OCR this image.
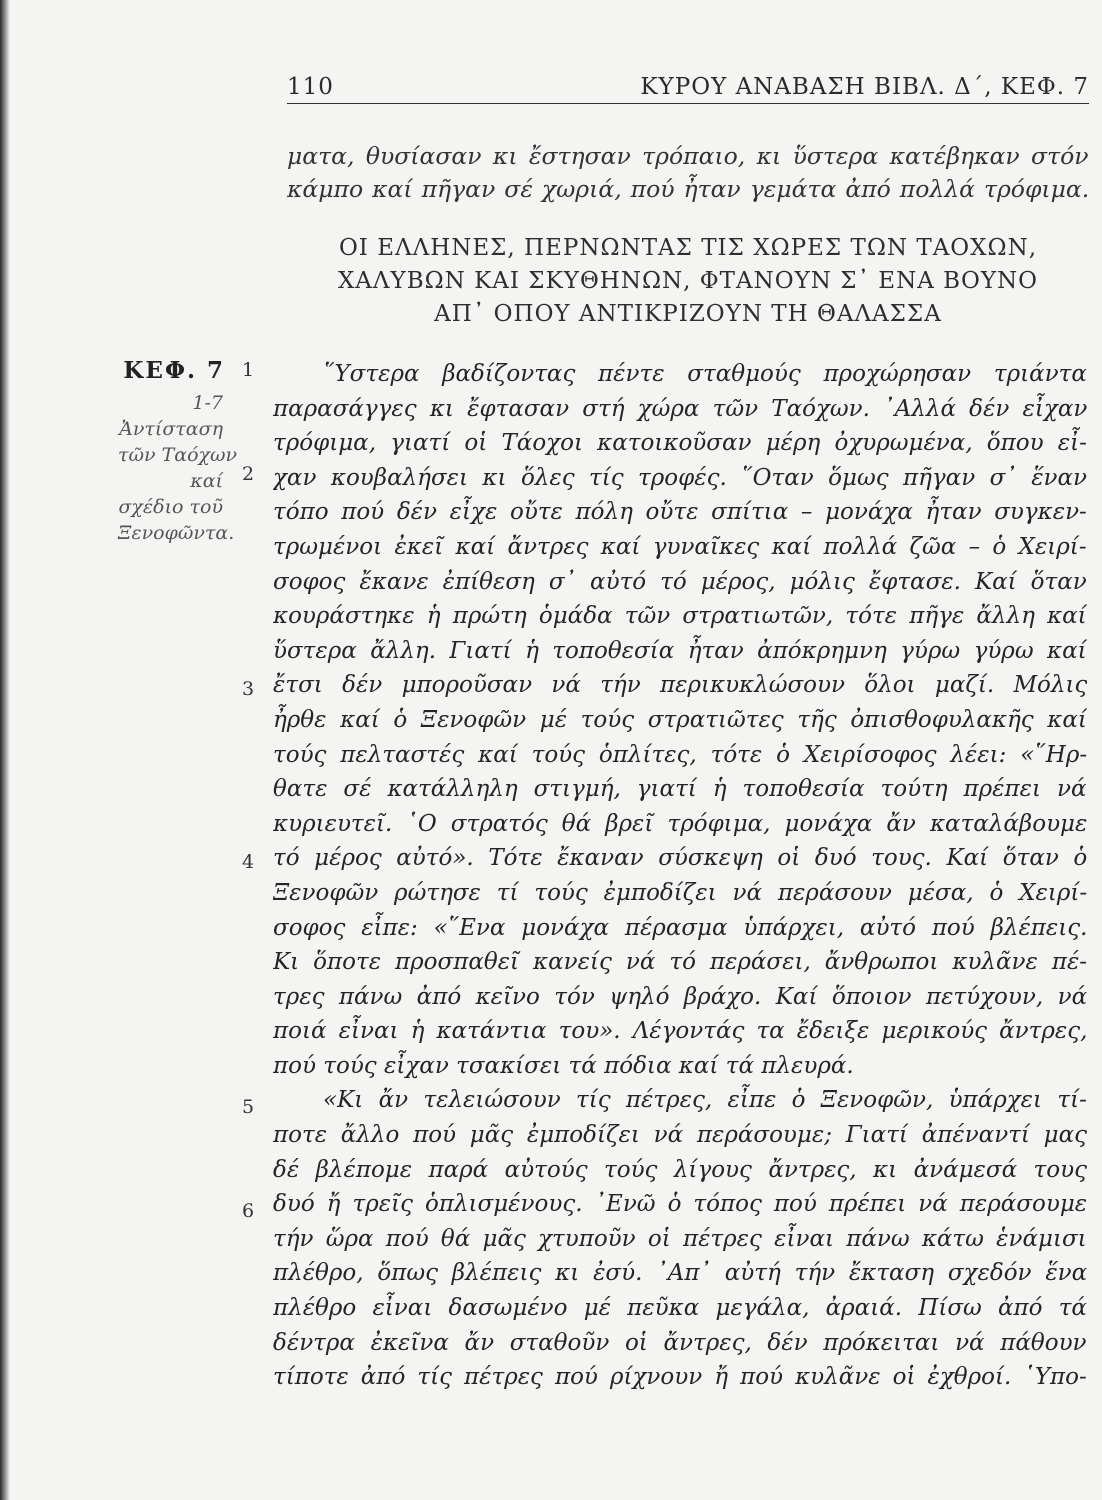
110	ΚΥΡΟΥ ΑΝΑΒΑΣΗ ΒΙΒΛ. Δ΄, ΚΕΦ. 7
ματα, θυσίασαν κι ἔστησαν τρόπαιο, κι ὕστερα κατέβηκαν στόν
κάμπο καί πῆγαν σέ χωριά, πού ἦταν γεμάτα ἀπό πολλά τρόφιμα.
ΟΙ ΕΛΛΗΝΕΣ, ΠΕΡΝΩΝΤΑΣ ΤΙΣ ΧΩΡΕΣ ΤΩΝ ΤΑΟΧΩΝ,
ΧΑΛΥΒΩΝ ΚΑΙ ΣΚΥΘΗΝΩΝ, ΦΤΑΝΟΥΝ Σ᾽ ΕΝΑ ΒΟΥΝΟ
ΑΠ᾽ ΟΠΟΥ ΑΝΤΙΚΡΙΖΟΥΝ ΤΗ ΘΑΛΑΣΣΑ
ΚΕΦ. 7
1-7
Ἀντίσταση
τῶν Ταόχων
καί
σχέδιο τοῦ
Ξενοφῶντα.
1
2
3
4
5
6
῞Υστερα βαδίζοντας πέντε σταθμούς προχώρησαν τριάντα
παρασάγγες κι ἔφτασαν στή χώρα τῶν Ταόχων. ᾽Αλλά δέν εἶχαν
τρόφιμα, γιατί οἱ Τάοχοι κατοικοῦσαν μέρη ὀχυρωμένα, ὅπου εἶ-
χαν κουβαλήσει κι ὅλες τίς τροφές. ῞Οταν ὅμως πῆγαν σ᾽ ἕναν
τόπο πού δέν εἶχε οὔτε πόλη οὔτε σπίτια – μονάχα ἦταν συγκεν-
τρωμένοι ἐκεῖ καί ἄντρες καί γυναῖκες καί πολλά ζῶα – ὁ Χειρί-
σοφος ἔκανε ἐπίθεση σ᾽ αὐτό τό μέρος, μόλις ἔφτασε. Καί ὅταν
κουράστηκε ἡ πρώτη ὁμάδα τῶν στρατιωτῶν, τότε πῆγε ἄλλη καί
ὕστερα ἄλλη. Γιατί ἡ τοποθεσία ἦταν ἀπόκρημνη γύρω γύρω καί
ἔτσι δέν μποροῦσαν νά τήν περικυκλώσουν ὅλοι μαζί. Μόλις
ἦρθε καί ὁ Ξενοφῶν μέ τούς στρατιῶτες τῆς ὀπισθοφυλακῆς καί
τούς πελταστές καί τούς ὁπλίτες, τότε ὁ Χειρίσοφος λέει: «῞Ηρ-
θατε σέ κατάλληλη στιγμή, γιατί ἡ τοποθεσία τούτη πρέπει νά
κυριευτεῖ. ῾Ο στρατός θά βρεῖ τρόφιμα, μονάχα ἄν καταλάβουμε
τό μέρος αὐτό». Τότε ἔκαναν σύσκεψη οἱ δυό τους. Καί ὅταν ὁ
Ξενοφῶν ρώτησε τί τούς ἐμποδίζει νά περάσουν μέσα, ὁ Χειρί-
σοφος εἶπε: «῞Ενα μονάχα πέρασμα ὑπάρχει, αὐτό πού βλέπεις.
Κι ὅποτε προσπαθεῖ κανείς νά τό περάσει, ἄνθρωποι κυλᾶνε πέ-
τρες πάνω ἀπό κεῖνο τόν ψηλό βράχο. Καί ὅποιον πετύχουν, νά
ποιά εἶναι ἡ κατάντια του». Λέγοντάς τα ἔδειξε μερικούς ἄντρες,
πού τούς εἶχαν τσακίσει τά πόδια καί τά πλευρά.
«Κι ἄν τελειώσουν τίς πέτρες, εἶπε ὁ Ξενοφῶν, ὑπάρχει τί-
ποτε ἄλλο πού μᾶς ἐμποδίζει νά περάσουμε; Γιατί ἀπέναντί μας
δέ βλέπομε παρά αὐτούς τούς λίγους ἄντρες, κι ἀνάμεσά τους
δυό ἤ τρεῖς ὁπλισμένους. ᾽Ενῶ ὁ τόπος πού πρέπει νά περάσουμε
τήν ὥρα πού θά μᾶς χτυποῦν οἱ πέτρες εἶναι πάνω κάτω ἑνάμισι
πλέθρο, ὅπως βλέπεις κι ἐσύ. ᾽Απ᾽ αὐτή τήν ἔκταση σχεδόν ἕνα
πλέθρο εἶναι δασωμένο μέ πεῦκα μεγάλα, ἀραιά. Πίσω ἀπό τά
δέντρα ἐκεῖνα ἄν σταθοῦν οἱ ἄντρες, δέν πρόκειται νά πάθουν
τίποτε ἀπό τίς πέτρες πού ρίχνουν ἤ πού κυλᾶνε οἱ ἐχθροί. ῾Υπο-
